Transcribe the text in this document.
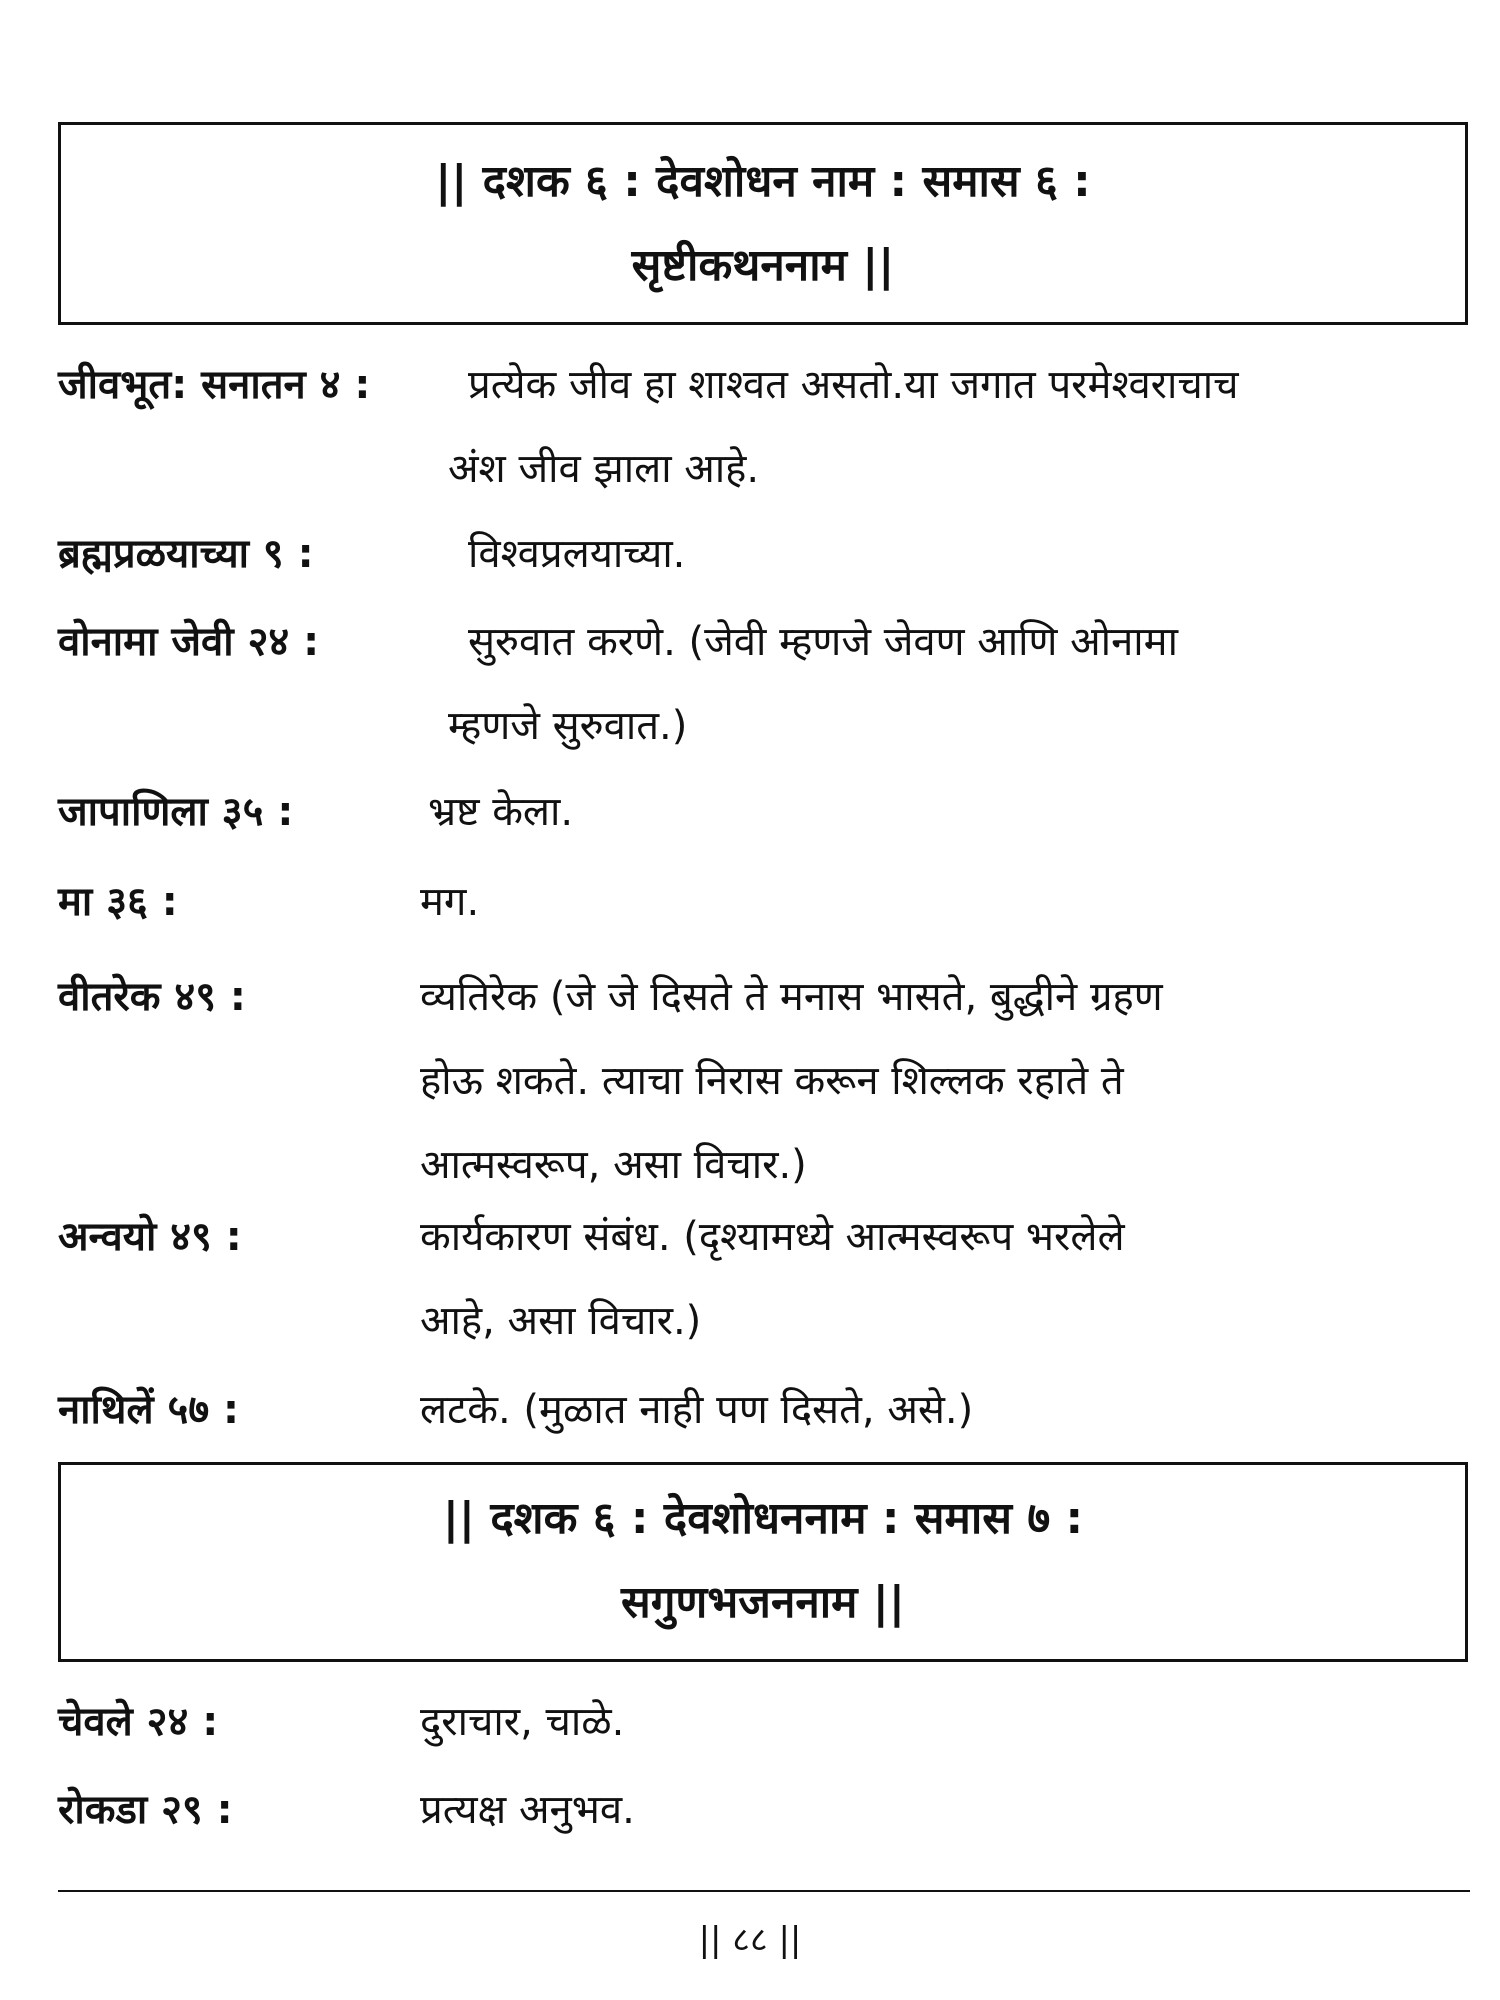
|| दशक ६ : देवशोधन नाम : समास ६ :
सृष्टीकथननाम ||
जीवभूत: सनातन ४ : प्रत्येक जीव हा शाश्वत असतो.या जगात परमेश्वराचाच
अंश जीव झाला आहे.
ब्रह्मप्रळयाच्या ९ :	विश्वप्रलयाच्या.
वोनामा जेवी २४ :	सुरुवात करणे. (जेवी म्हणजे जेवण आणि ओनामा
म्हणजे सुरुवात.)
जापाणिला ३५ :	भ्रष्ट केला.
मा ३६ :	मग.
वीतरेक ४९ :	व्यतिरेक (जे जे दिसते ते मनास भासते, बुद्धीने ग्रहण
होऊ शकते. त्याचा निरास करून शिल्लक रहाते ते
आत्मस्वरूप, असा विचार.)
अन्वयो ४९ :	कार्यकारण संबंध. (दृश्यामध्ये आत्मस्वरूप भरलेले
आहे, असा विचार.)
नाथिलें ५७ :	लटके. (मुळात नाही पण दिसते, असे.)
|| दशक ६ : देवशोधननाम : समास ७ :
सगुणभजननाम ||
चेवले २४ :	दुराचार, चाळे.
रोकडा २९ :	प्रत्यक्ष अनुभव.
|| ८८ ||
